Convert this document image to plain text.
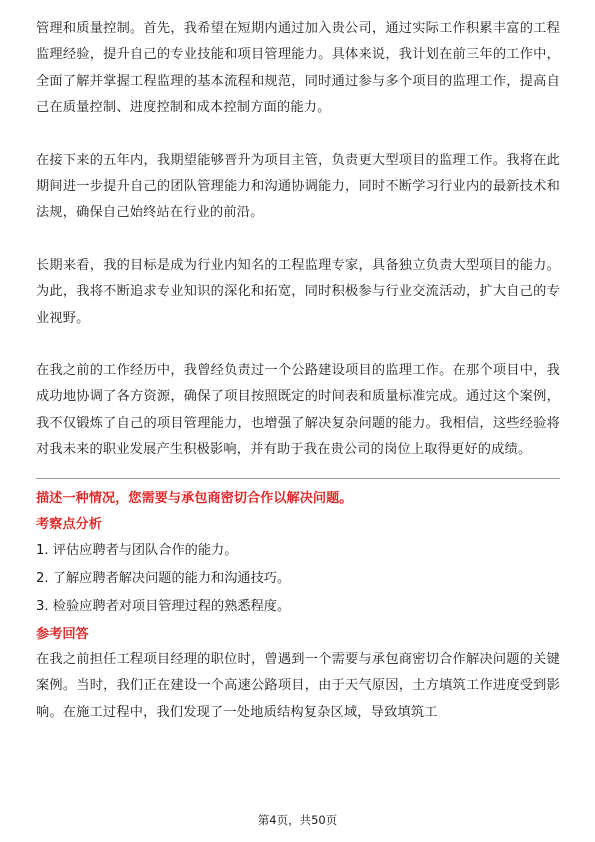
管理和质量控制。首先，我希望在短期内通过加入贵公司，通过实际工作积累丰富的工程监理经验，提升自己的专业技能和项目管理能力。具体来说，我计划在前三年的工作中，全面了解并掌握工程监理的基本流程和规范，同时通过参与多个项目的监理工作，提高自己在质量控制、进度控制和成本控制方面的能力。

在接下来的五年内，我期望能够晋升为项目主管，负责更大型项目的监理工作。我将在此期间进一步提升自己的团队管理能力和沟通协调能力，同时不断学习行业内的最新技术和法规，确保自己始终站在行业的前沿。

长期来看，我的目标是成为行业内知名的工程监理专家，具备独立负责大型项目的能力。为此，我将不断追求专业知识的深化和拓宽，同时积极参与行业交流活动，扩大自己的专业视野。

在我之前的工作经历中，我曾经负责过一个公路建设项目的监理工作。在那个项目中，我成功地协调了各方资源，确保了项目按照既定的时间表和质量标准完成。通过这个案例，我不仅锻炼了自己的项目管理能力，也增强了解决复杂问题的能力。我相信，这些经验将对我未来的职业发展产生积极影响，并有助于我在贵公司的岗位上取得更好的成绩。

描述一种情况，您需要与承包商密切合作以解决问题。

考察点分析

1. 评估应聘者与团队合作的能力。

2. 了解应聘者解决问题的能力和沟通技巧。

3. 检验应聘者对项目管理过程的熟悉程度。

参考回答

在我之前担任工程项目经理的职位时，曾遇到一个需要与承包商密切合作解决问题的关键案例。当时，我们正在建设一个高速公路项目，由于天气原因，土方填筑工作进度受到影响。在施工过程中，我们发现了一处地质结构复杂区域，导致填筑工

第4页，共50页
